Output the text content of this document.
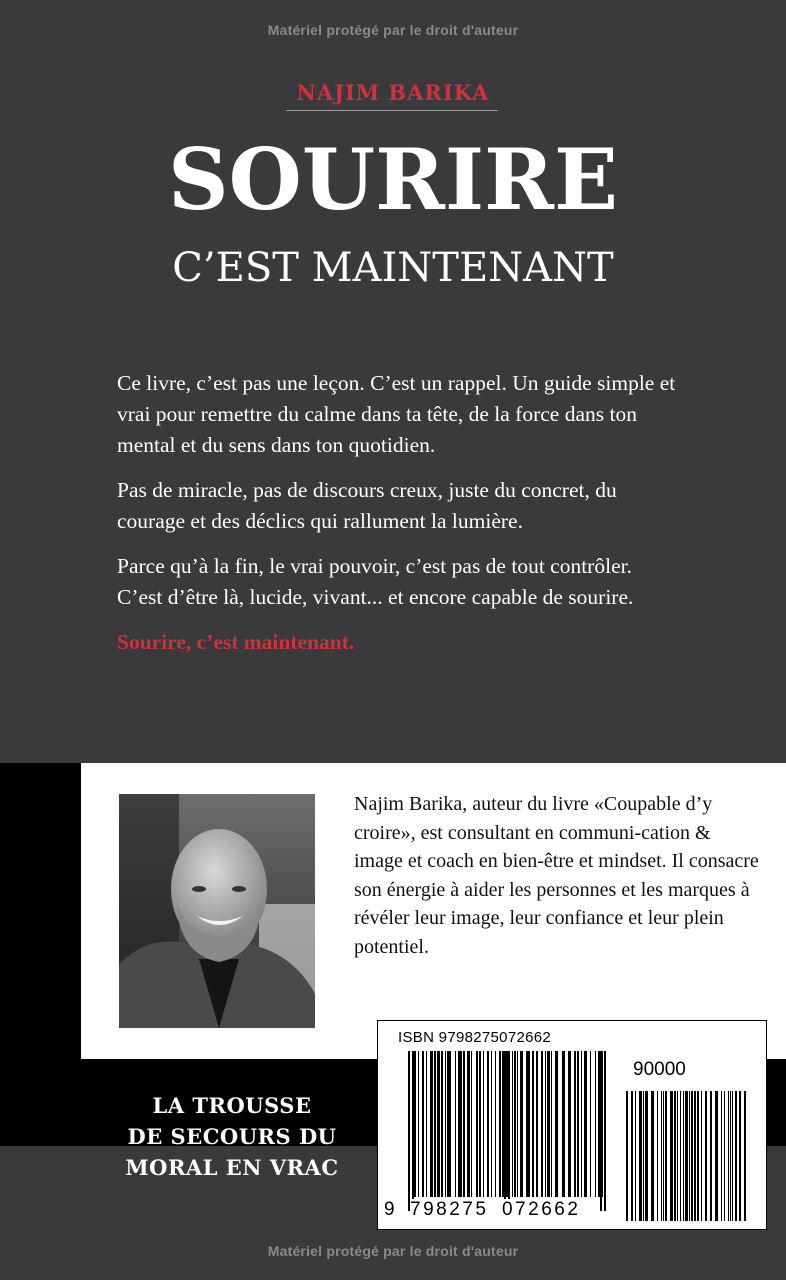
Matériel protégé par le droit d'auteur
NAJIM BARIKA
SOURIRE
C’EST MAINTENANT

Ce livre, c’est pas une leçon. C’est un rappel. Un guide simple et vrai pour remettre du calme dans ta tête, de la force dans ton mental et du sens dans ton quotidien.

Pas de miracle, pas de discours creux, juste du concret, du courage et des déclics qui rallument la lumière.

Parce qu’à la fin, le vrai pouvoir, c’est pas de tout contrôler. C’est d’être là, lucide, vivant... et encore capable de sourire.

Sourire, c’est maintenant.

Najim Barika, auteur du livre «Coupable d’y croire», est consultant en communi-cation & image et coach en bien-être et mindset. Il consacre son énergie à aider les personnes et les marques à révéler leur image, leur confiance et leur plein potentiel.
LA TROUSSE
DE SECOURS DU
MORAL EN VRAC
ISBN 9798275072662
90000
9 798275 072662
Matériel protégé par le droit d'auteur
